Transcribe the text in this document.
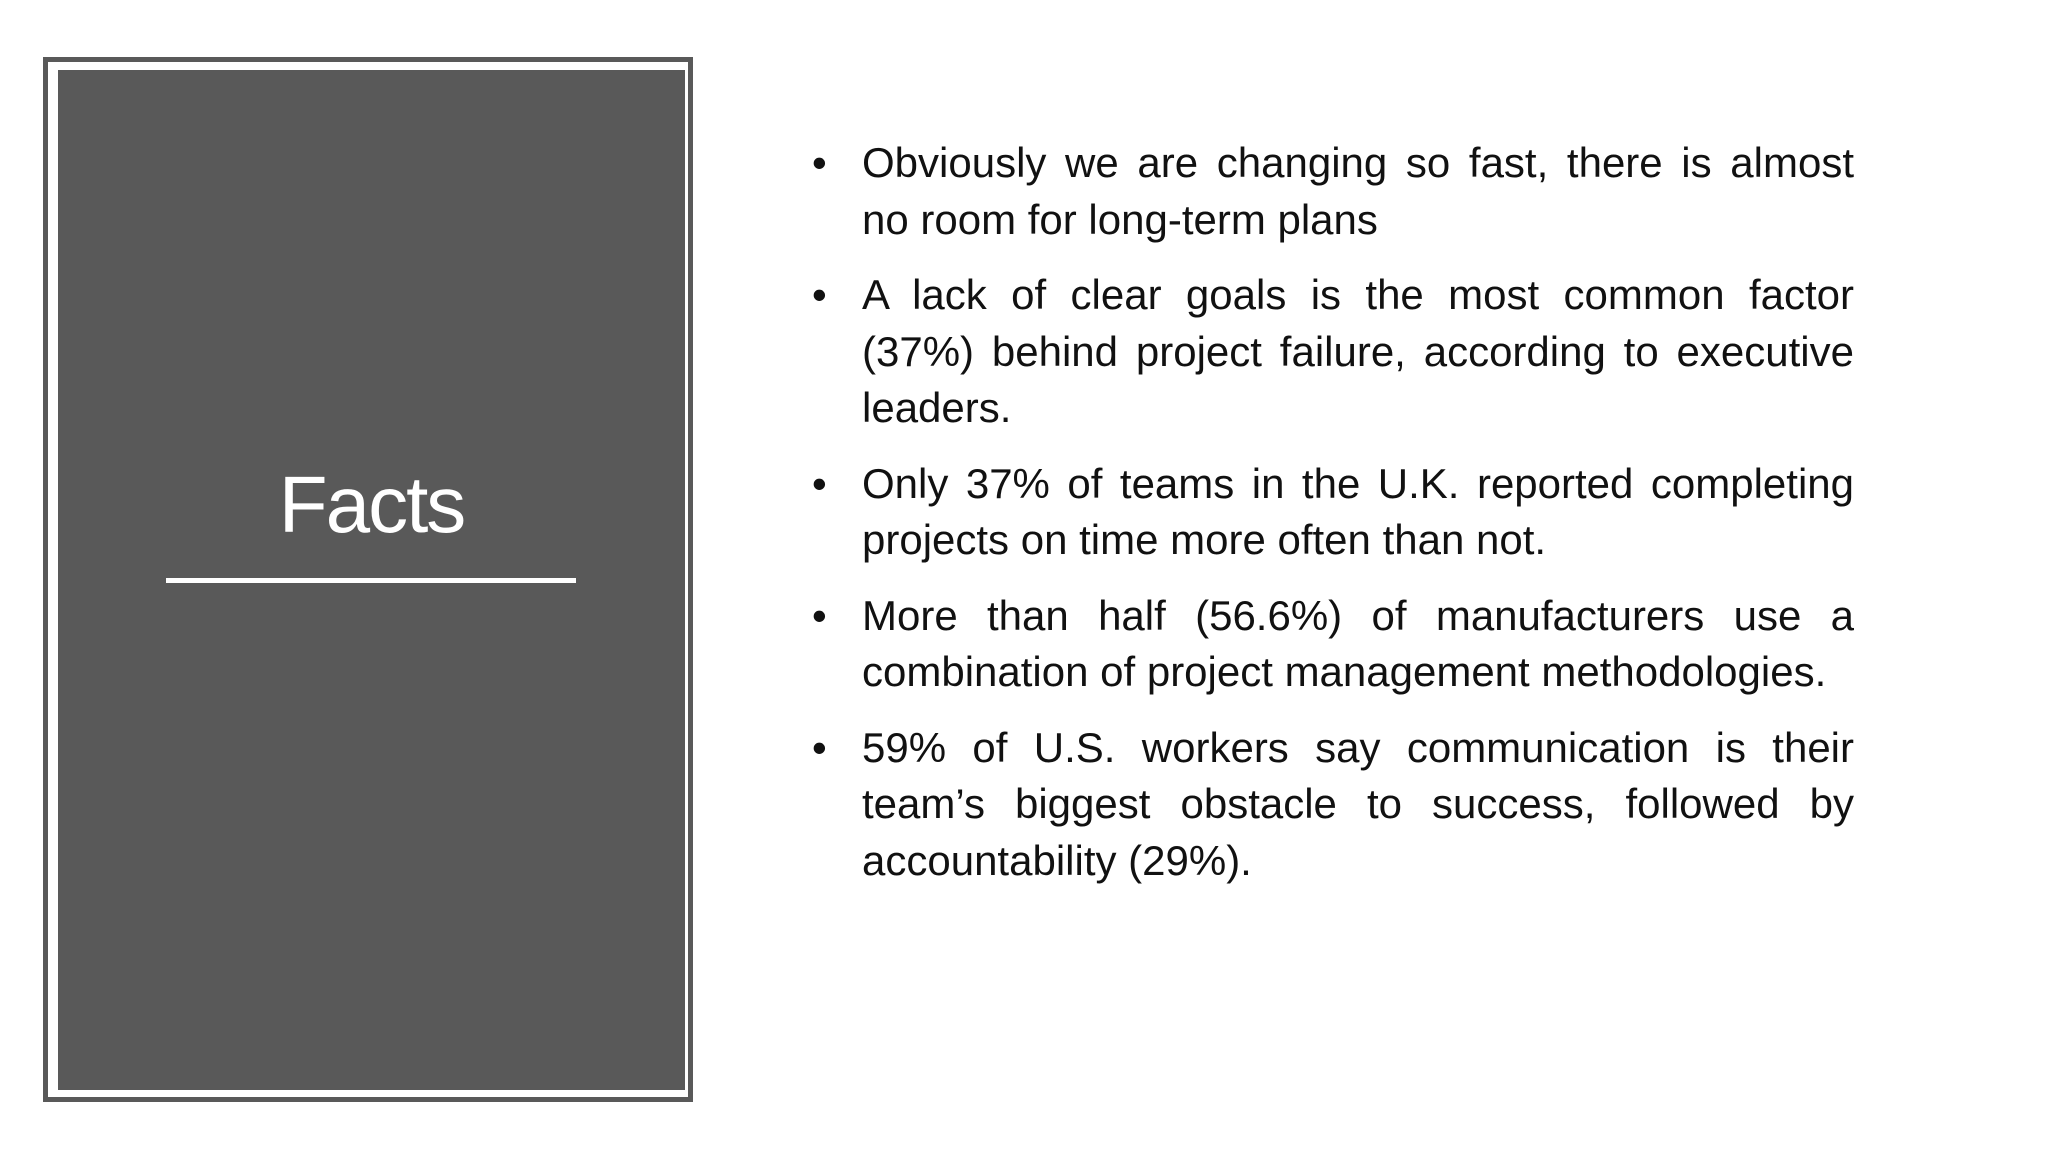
Facts
• Obviously we are changing so fast, there is almost no room for long-term plans
• A lack of clear goals is the most common factor (37%) behind project failure, according to executive leaders.
• Only 37% of teams in the U.K. reported completing projects on time more often than not.
• More than half (56.6%) of manufacturers use a combination of project management methodologies.
• 59% of U.S. workers say communication is their team’s biggest obstacle to success, followed by accountability (29%).
